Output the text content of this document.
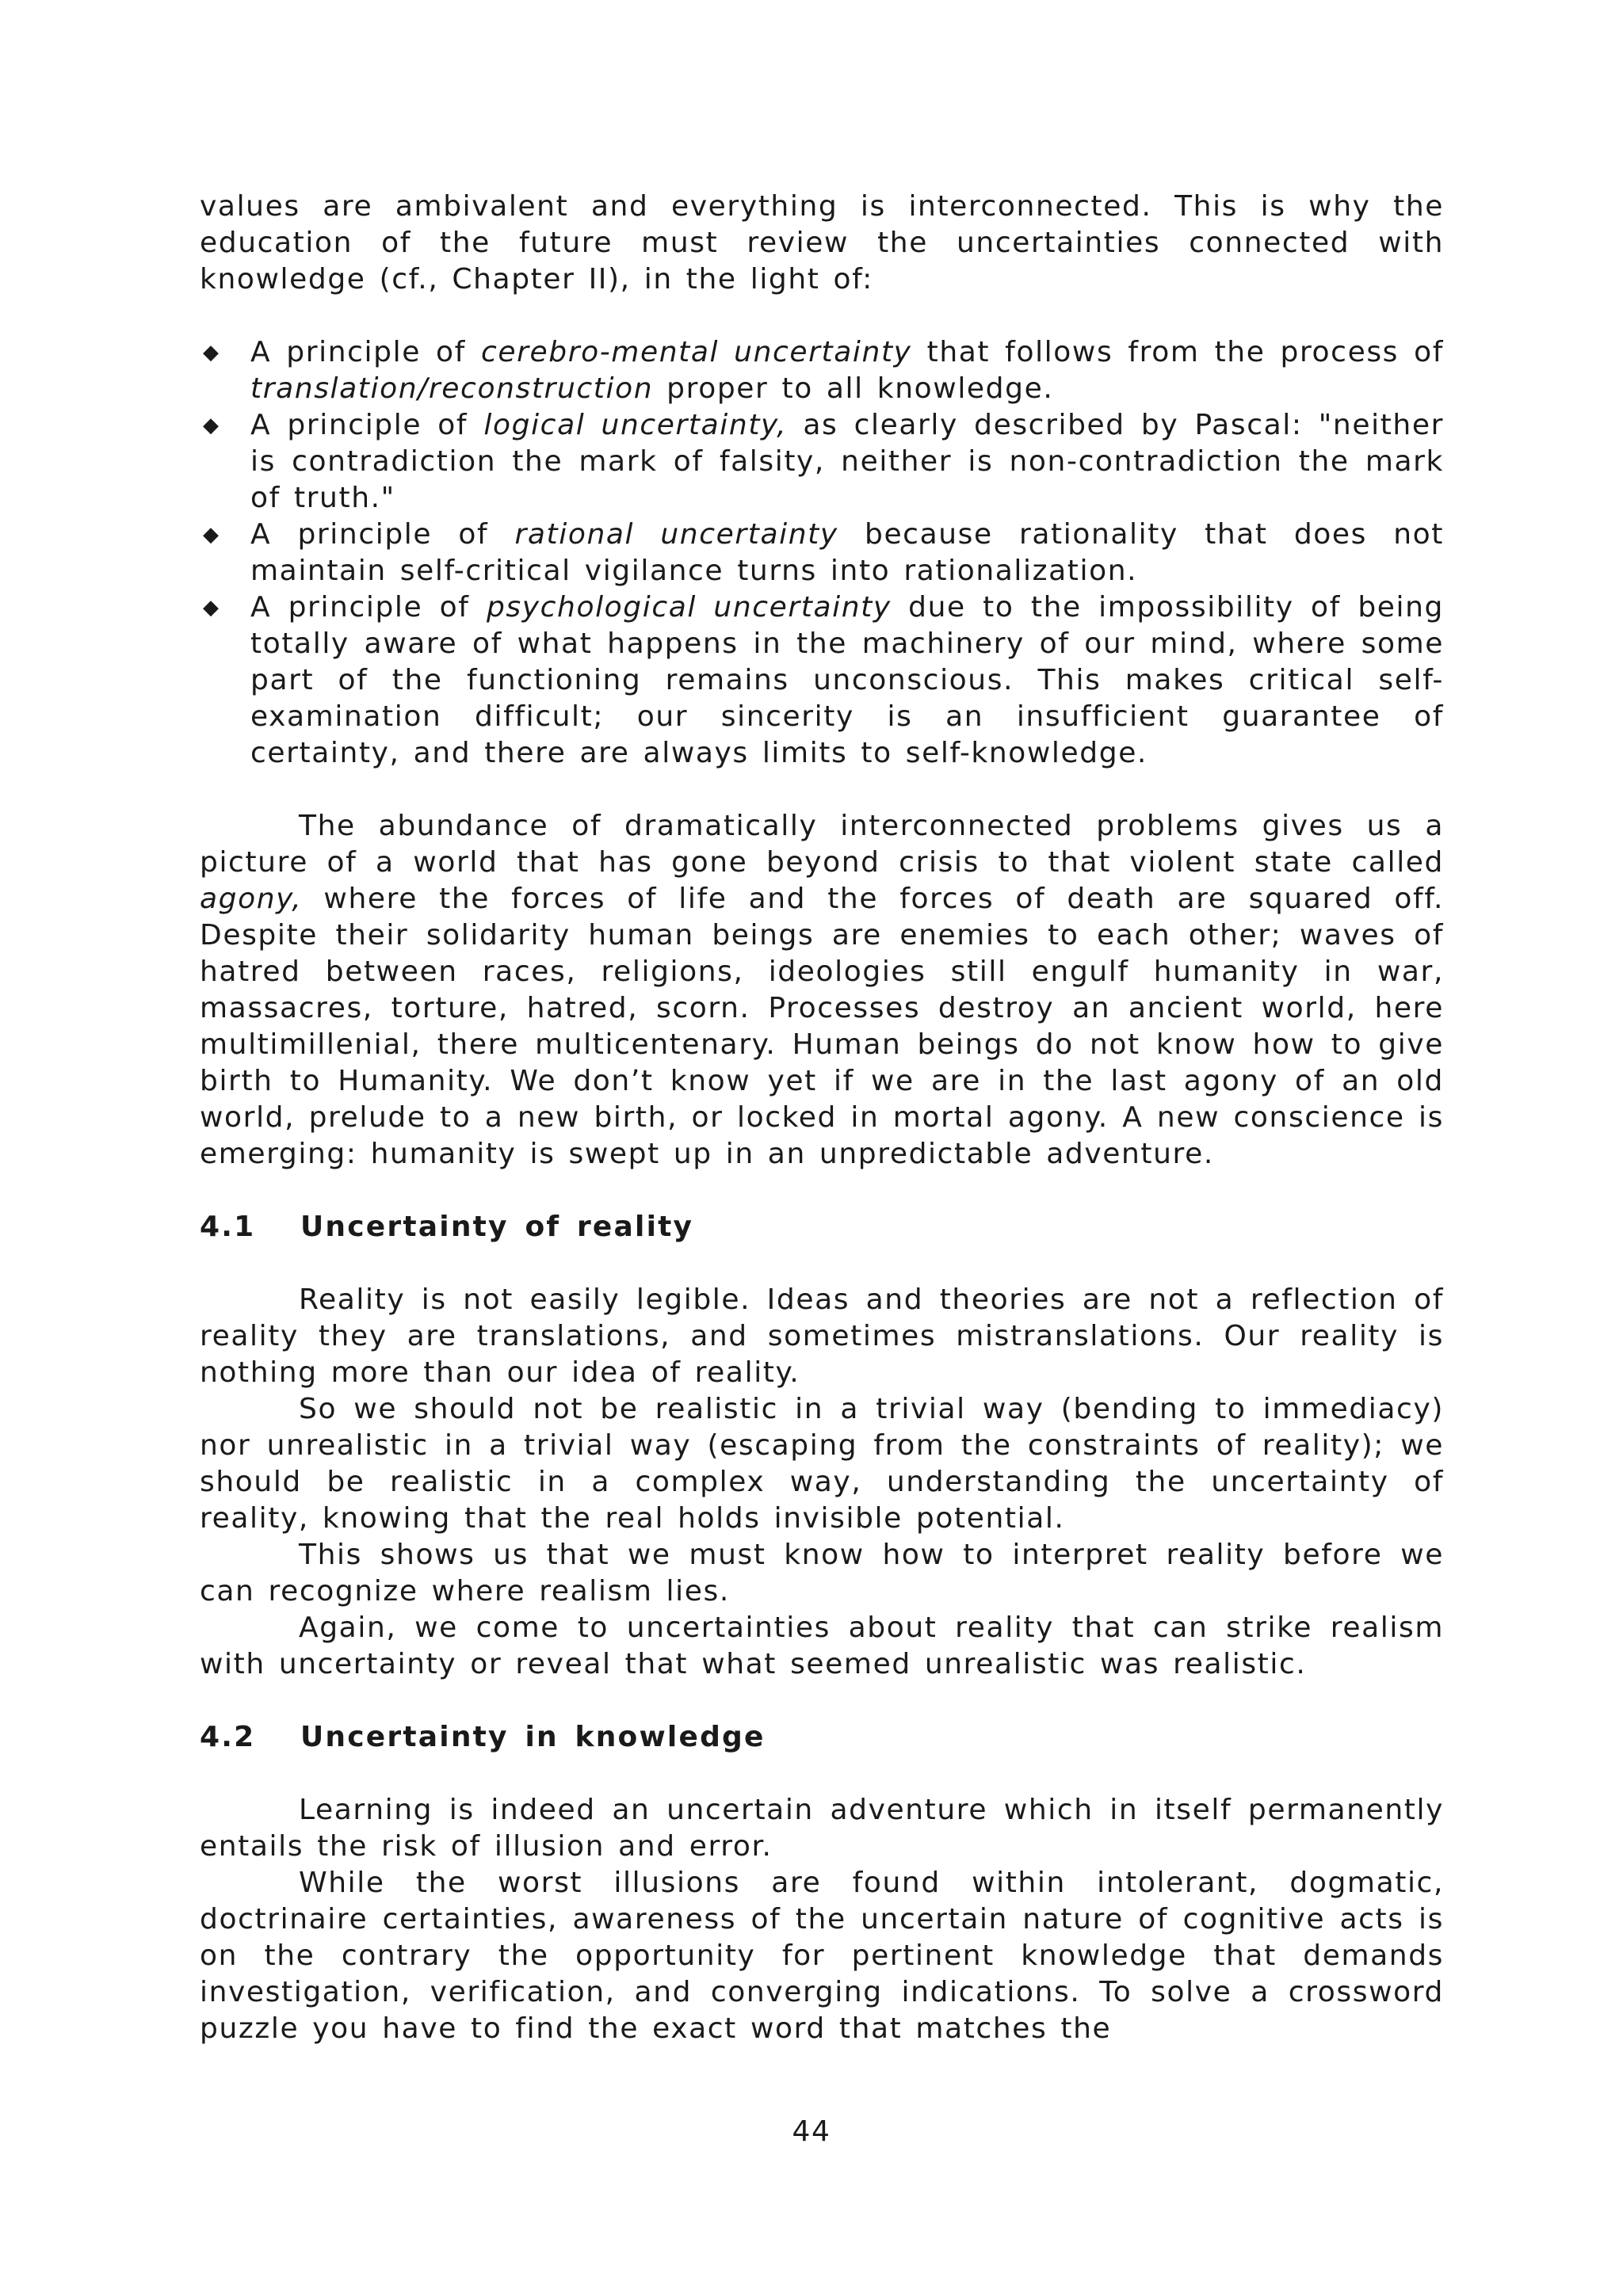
values are ambivalent and everything is interconnected. This is why the education of the future must review the uncertainties connected with knowledge (cf., Chapter II), in the light of:

◆ A principle of cerebro-mental uncertainty that follows from the process of translation/reconstruction proper to all knowledge.
◆ A principle of logical uncertainty, as clearly described by Pascal: "neither is contradiction the mark of falsity, neither is non-contradiction the mark of truth."
◆ A principle of rational uncertainty because rationality that does not maintain self-critical vigilance turns into rationalization.
◆ A principle of psychological uncertainty due to the impossibility of being totally aware of what happens in the machinery of our mind, where some part of the functioning remains unconscious. This makes critical self-examination difficult; our sincerity is an insufficient guarantee of certainty, and there are always limits to self-knowledge.

The abundance of dramatically interconnected problems gives us a picture of a world that has gone beyond crisis to that violent state called agony, where the forces of life and the forces of death are squared off. Despite their solidarity human beings are enemies to each other; waves of hatred between races, religions, ideologies still engulf humanity in war, massacres, torture, hatred, scorn. Processes destroy an ancient world, here multimillenial, there multicentenary. Human beings do not know how to give birth to Humanity. We don’t know yet if we are in the last agony of an old world, prelude to a new birth, or locked in mortal agony. A new conscience is emerging: humanity is swept up in an unpredictable adventure.

4.1 Uncertainty of reality

Reality is not easily legible. Ideas and theories are not a reflection of reality they are translations, and sometimes mistranslations. Our reality is nothing more than our idea of reality.

So we should not be realistic in a trivial way (bending to immediacy) nor unrealistic in a trivial way (escaping from the constraints of reality); we should be realistic in a complex way, understanding the uncertainty of reality, knowing that the real holds invisible potential.

This shows us that we must know how to interpret reality before we can recognize where realism lies.

Again, we come to uncertainties about reality that can strike realism with uncertainty or reveal that what seemed unrealistic was realistic.

4.2 Uncertainty in knowledge

Learning is indeed an uncertain adventure which in itself permanently entails the risk of illusion and error.

While the worst illusions are found within intolerant, dogmatic, doctrinaire certainties, awareness of the uncertain nature of cognitive acts is on the contrary the opportunity for pertinent knowledge that demands investigation, verification, and converging indications. To solve a crossword puzzle you have to find the exact word that matches the

44
